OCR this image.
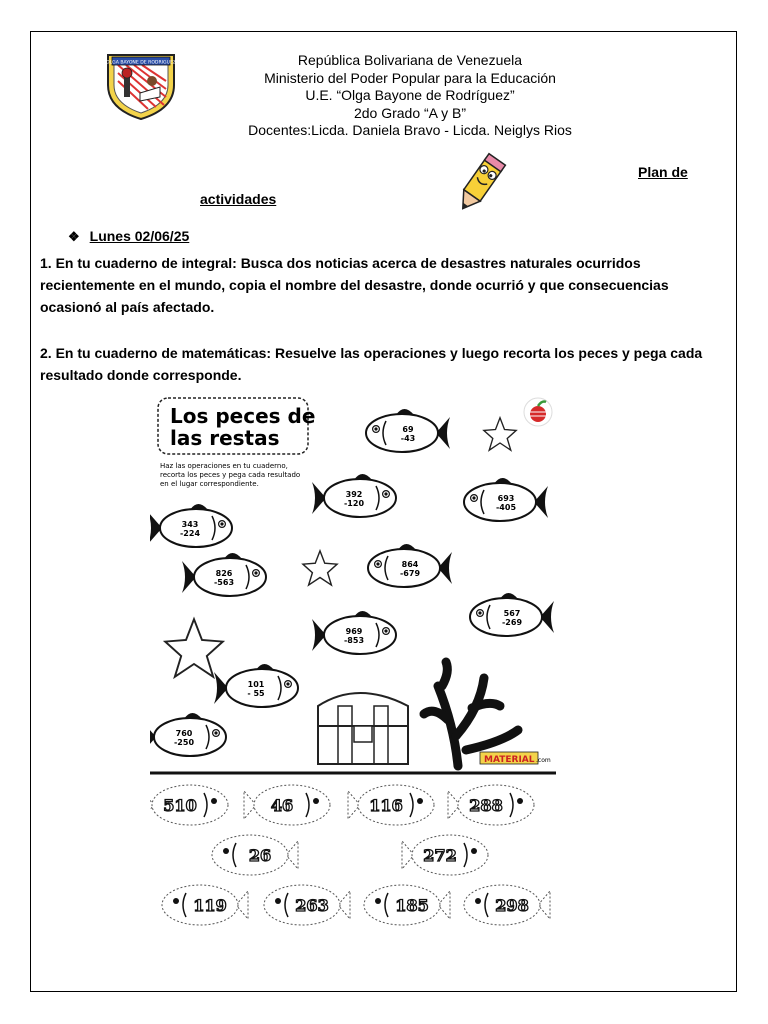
OLGA BAYONE DE RODRIGUEZ	República Bolivariana de Venezuela
Ministerio del Poder Popular para la Educación
U.E. “Olga Bayone de Rodríguez”
2do Grado “A y B”
Docentes:Licda. Daniela Bravo - Licda. Neiglys Rios
Plan de
actividades
❖ Lunes 02/06/25
1. En tu cuaderno de integral: Busca dos noticias acerca de desastres naturales ocurridos recientemente en el mundo, copia el nombre del desastre, donde ocurrió y que consecuencias ocasionó al país afectado.
2. En tu cuaderno de matemáticas: Resuelve las operaciones y luego recorta los peces y pega cada resultado donde corresponde.
Los peces de
las restas
Haz las operaciones en tu cuaderno,
recorta los peces y pega cada resultado
en el lugar correspondiente.
MATERIAL .com
69
-43
392
-120
693
-405
343
-224
826
-563
864
-679
567
-269
969
-853
101
- 55
760
-250
510	46	116	288
26	272
119	263	185	298
